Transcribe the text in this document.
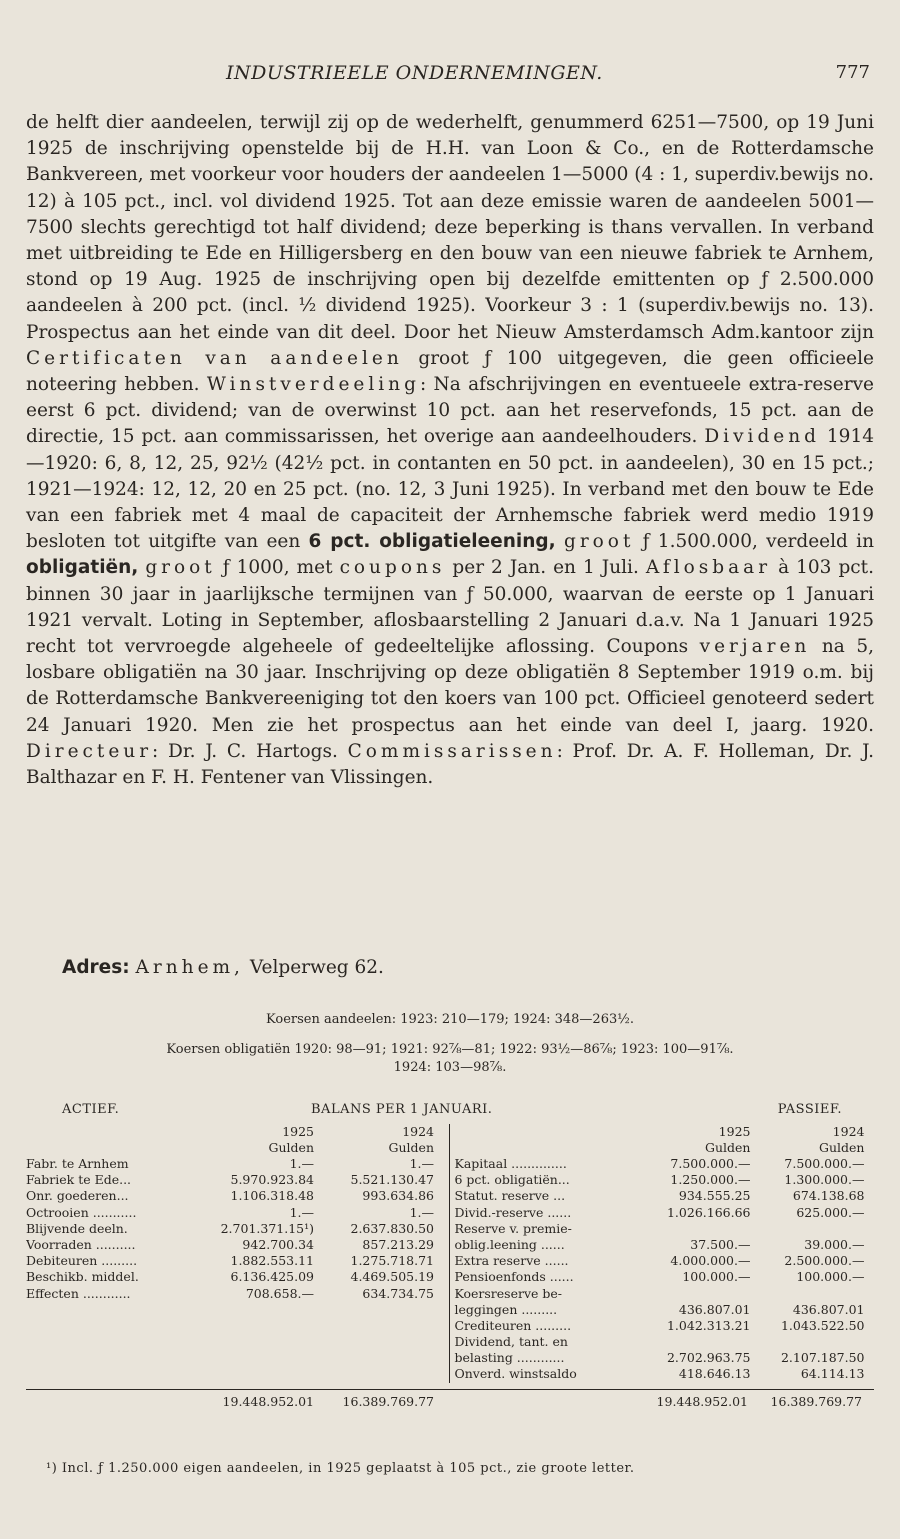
INDUSTRIEELE ONDERNEMINGEN.	777

de helft dier aandeelen, terwijl zij op de wederhelft, genummerd 6251—7500, op 19 Juni 1925 de inschrijving openstelde bij de H.H. van Loon & Co., en de Rotterdamsche Bankvereen, met voorkeur voor houders der aandeelen 1—5000 (4 : 1, superdiv.bewijs no. 12) à 105 pct., incl. vol dividend 1925. Tot aan deze emissie waren de aandeelen 5001—7500 slechts gerechtigd tot half dividend; deze beperking is thans vervallen. In verband met uitbreiding te Ede en Hilligersberg en den bouw van een nieuwe fabriek te Arnhem, stond op 19 Aug. 1925 de inschrijving open bij dezelfde emittenten op ƒ 2.500.000 aandeelen à 200 pct. (incl. ½ dividend 1925). Voorkeur 3 : 1 (superdiv.bewijs no. 13). Prospectus aan het einde van dit deel. Door het Nieuw Amsterdamsch Adm.kantoor zijn Certificaten van aandeelen groot ƒ 100 uitgegeven, die geen officieele noteering hebben. Winstverdeeling: Na afschrijvingen en eventueele extra-reserve eerst 6 pct. dividend; van de overwinst 10 pct. aan het reservefonds, 15 pct. aan de directie, 15 pct. aan commissarissen, het overige aan aandeelhouders. Dividend 1914—1920: 6, 8, 12, 25, 92½ (42½ pct. in contanten en 50 pct. in aandeelen), 30 en 15 pct.; 1921—1924: 12, 12, 20 en 25 pct. (no. 12, 3 Juni 1925). In verband met den bouw te Ede van een fabriek met 4 maal de capaciteit der Arnhemsche fabriek werd medio 1919 besloten tot uitgifte van een 6 pct. obligatieleening, groot ƒ 1.500.000, verdeeld in obligatiën, groot ƒ 1000, met coupons per 2 Jan. en 1 Juli. Aflosbaar à 103 pct. binnen 30 jaar in jaarlijksche termijnen van ƒ 50.000, waarvan de eerste op 1 Januari 1921 vervalt. Loting in September, aflosbaarstelling 2 Januari d.a.v. Na 1 Januari 1925 recht tot vervroegde algeheele of gedeeltelijke aflossing. Coupons verjaren na 5, losbare obligatiën na 30 jaar. Inschrijving op deze obligatiën 8 September 1919 o.m. bij de Rotterdamsche Bankvereeniging tot den koers van 100 pct. Officieel genoteerd sedert 24 Januari 1920. Men zie het prospectus aan het einde van deel I, jaarg. 1920. Directeur: Dr. J. C. Hartogs. Commissarissen: Prof. Dr. A. F. Holleman, Dr. J. Balthazar en F. H. Fentener van Vlissingen.

Adres: Arnhem, Velperweg 62.
Koersen aandeelen: 1923: 210—179; 1924: 348—263½.
Koersen obligatiën 1920: 98—91; 1921: 92⅞—81; 1922: 93½—86⅞; 1923: 100—91⅞.
1924: 103—98⅞.
ACTIEF.	BALANS PER 1 JANUARI.	PASSIEF.
1925	1924
Gulden	Gulden
Fabr. te Arnhem	1.—	1.—
Fabriek te Ede...	5.970.923.84	5.521.130.47
Onr. goederen...	1.106.318.48	993.634.86
Octrooien ...........	1.—	1.—
Blijvende deeln.	2.701.371.15¹)	2.637.830.50
Voorraden ..........	942.700.34	857.213.29
Debiteuren .........	1.882.553.11	1.275.718.71
Beschikb. middel.	6.136.425.09	4.469.505.19
Effecten ............	708.658.—	634.734.75
1925	1924
Gulden	Gulden
Kapitaal ..............	7.500.000.—	7.500.000.—
6 pct. obligatiën...	1.250.000.—	1.300.000.—
Statut. reserve ...	934.555.25	674.138.68
Divid.-reserve ......	1.026.166.66	625.000.—
Reserve v. premie-
oblig.leening ......	37.500.—	39.000.—
Extra reserve ......	4.000.000.—	2.500.000.—
Pensioenfonds ......	100.000.—	100.000.—
Koersreserve be-
leggingen .........	436.807.01	436.807.01
Crediteuren .........	1.042.313.21	1.043.522.50
Dividend, tant. en
belasting ............	2.702.963.75	2.107.187.50
Onverd. winstsaldo	418.646.13	64.114.13
19.448.952.01	16.389.769.77	19.448.952.01	16.389.769.77
¹) Incl. ƒ 1.250.000 eigen aandeelen, in 1925 geplaatst à 105 pct., zie groote letter.
